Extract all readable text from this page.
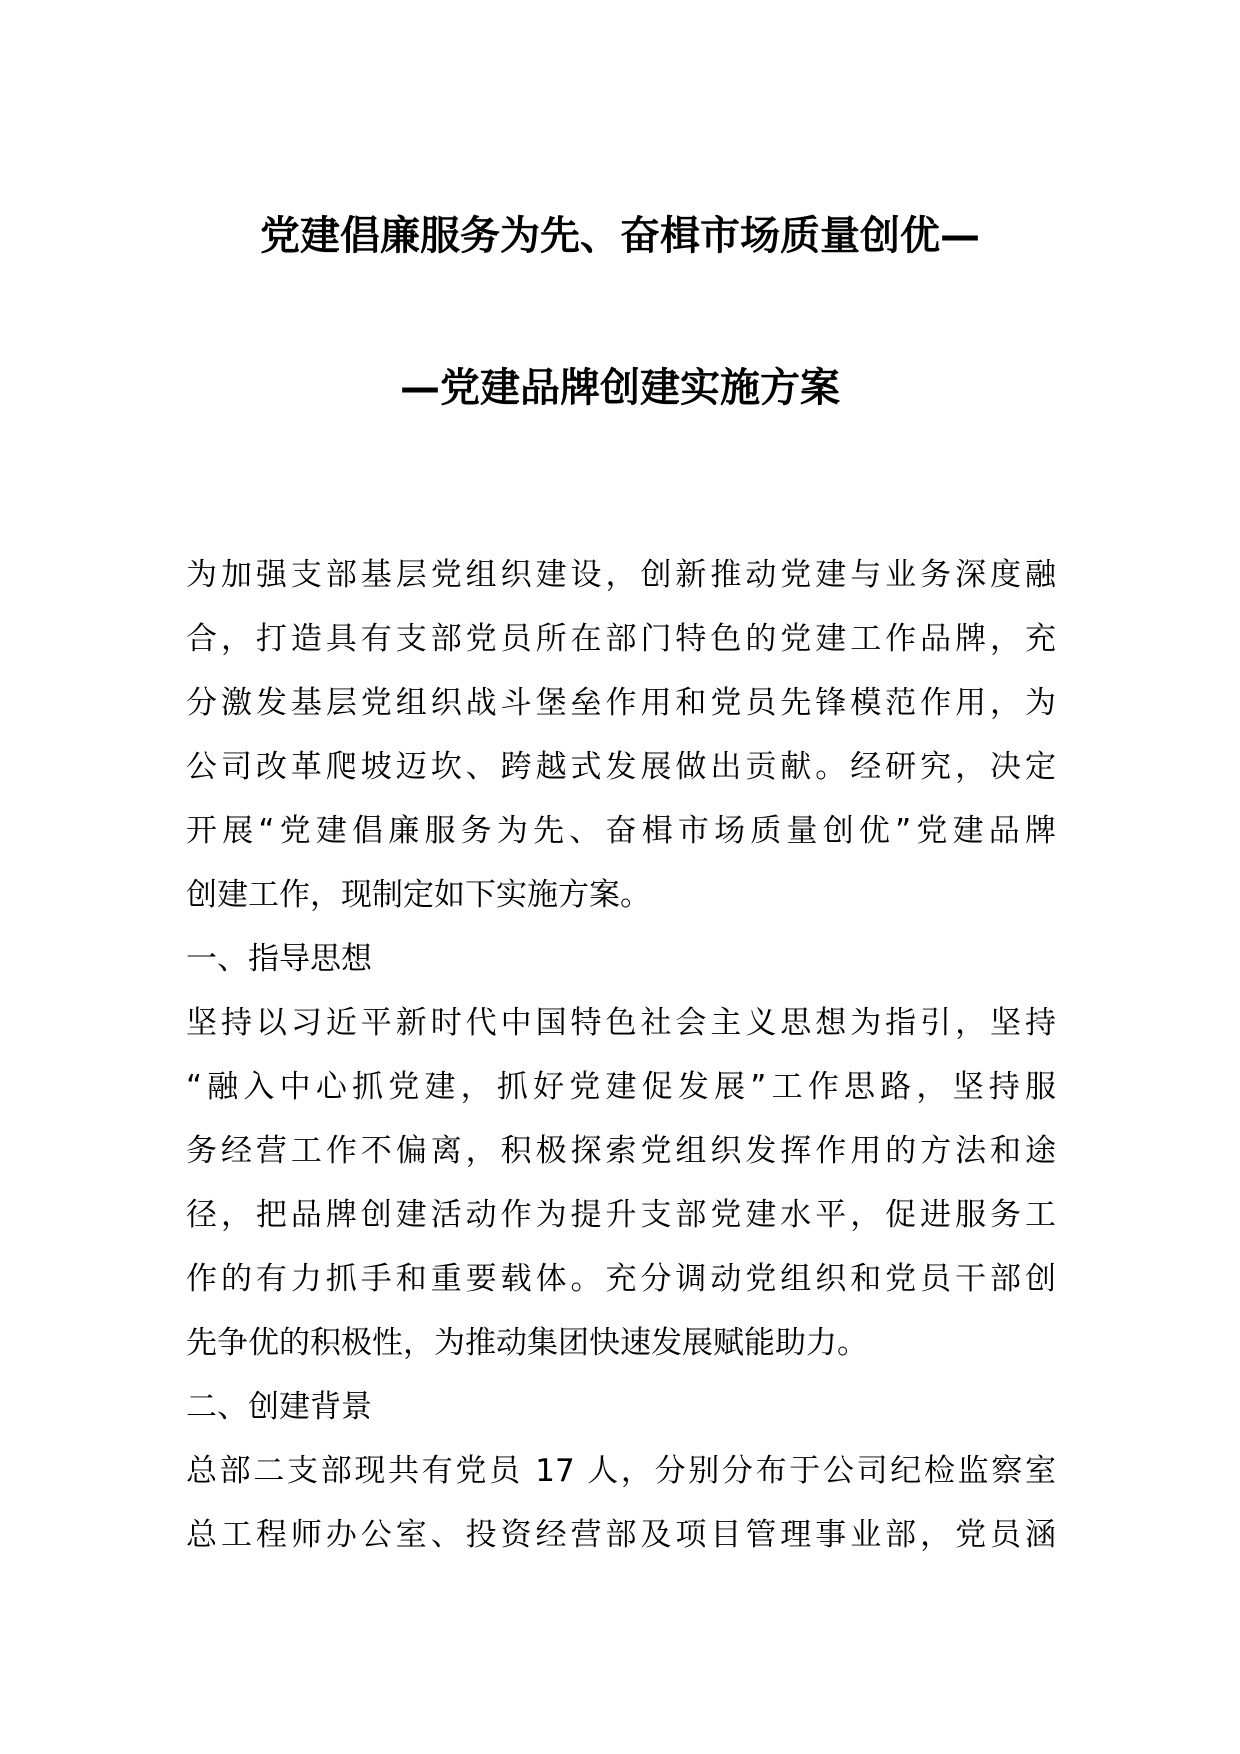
党建倡廉服务为先、奋楫市场质量创优—
—党建品牌创建实施方案
为加强支部基层党组织建设，创新推动党建与业务深度融
合，打造具有支部党员所在部门特色的党建工作品牌，充
分激发基层党组织战斗堡垒作用和党员先锋模范作用，为
公司改革爬坡迈坎、跨越式发展做出贡献。经研究，决定
开展“党建倡廉服务为先、奋楫市场质量创优”党建品牌
创建工作，现制定如下实施方案。
一、指导思想
坚持以习近平新时代中国特色社会主义思想为指引，坚持
“融入中心抓党建，抓好党建促发展”工作思路，坚持服
务经营工作不偏离，积极探索党组织发挥作用的方法和途
径，把品牌创建活动作为提升支部党建水平，促进服务工
作的有力抓手和重要载体。充分调动党组织和党员干部创
先争优的积极性，为推动集团快速发展赋能助力。
二、创建背景
总部二支部现共有党员 17 人，分别分布于公司纪检监察室
总工程师办公室、投资经营部及项目管理事业部，党员涵
